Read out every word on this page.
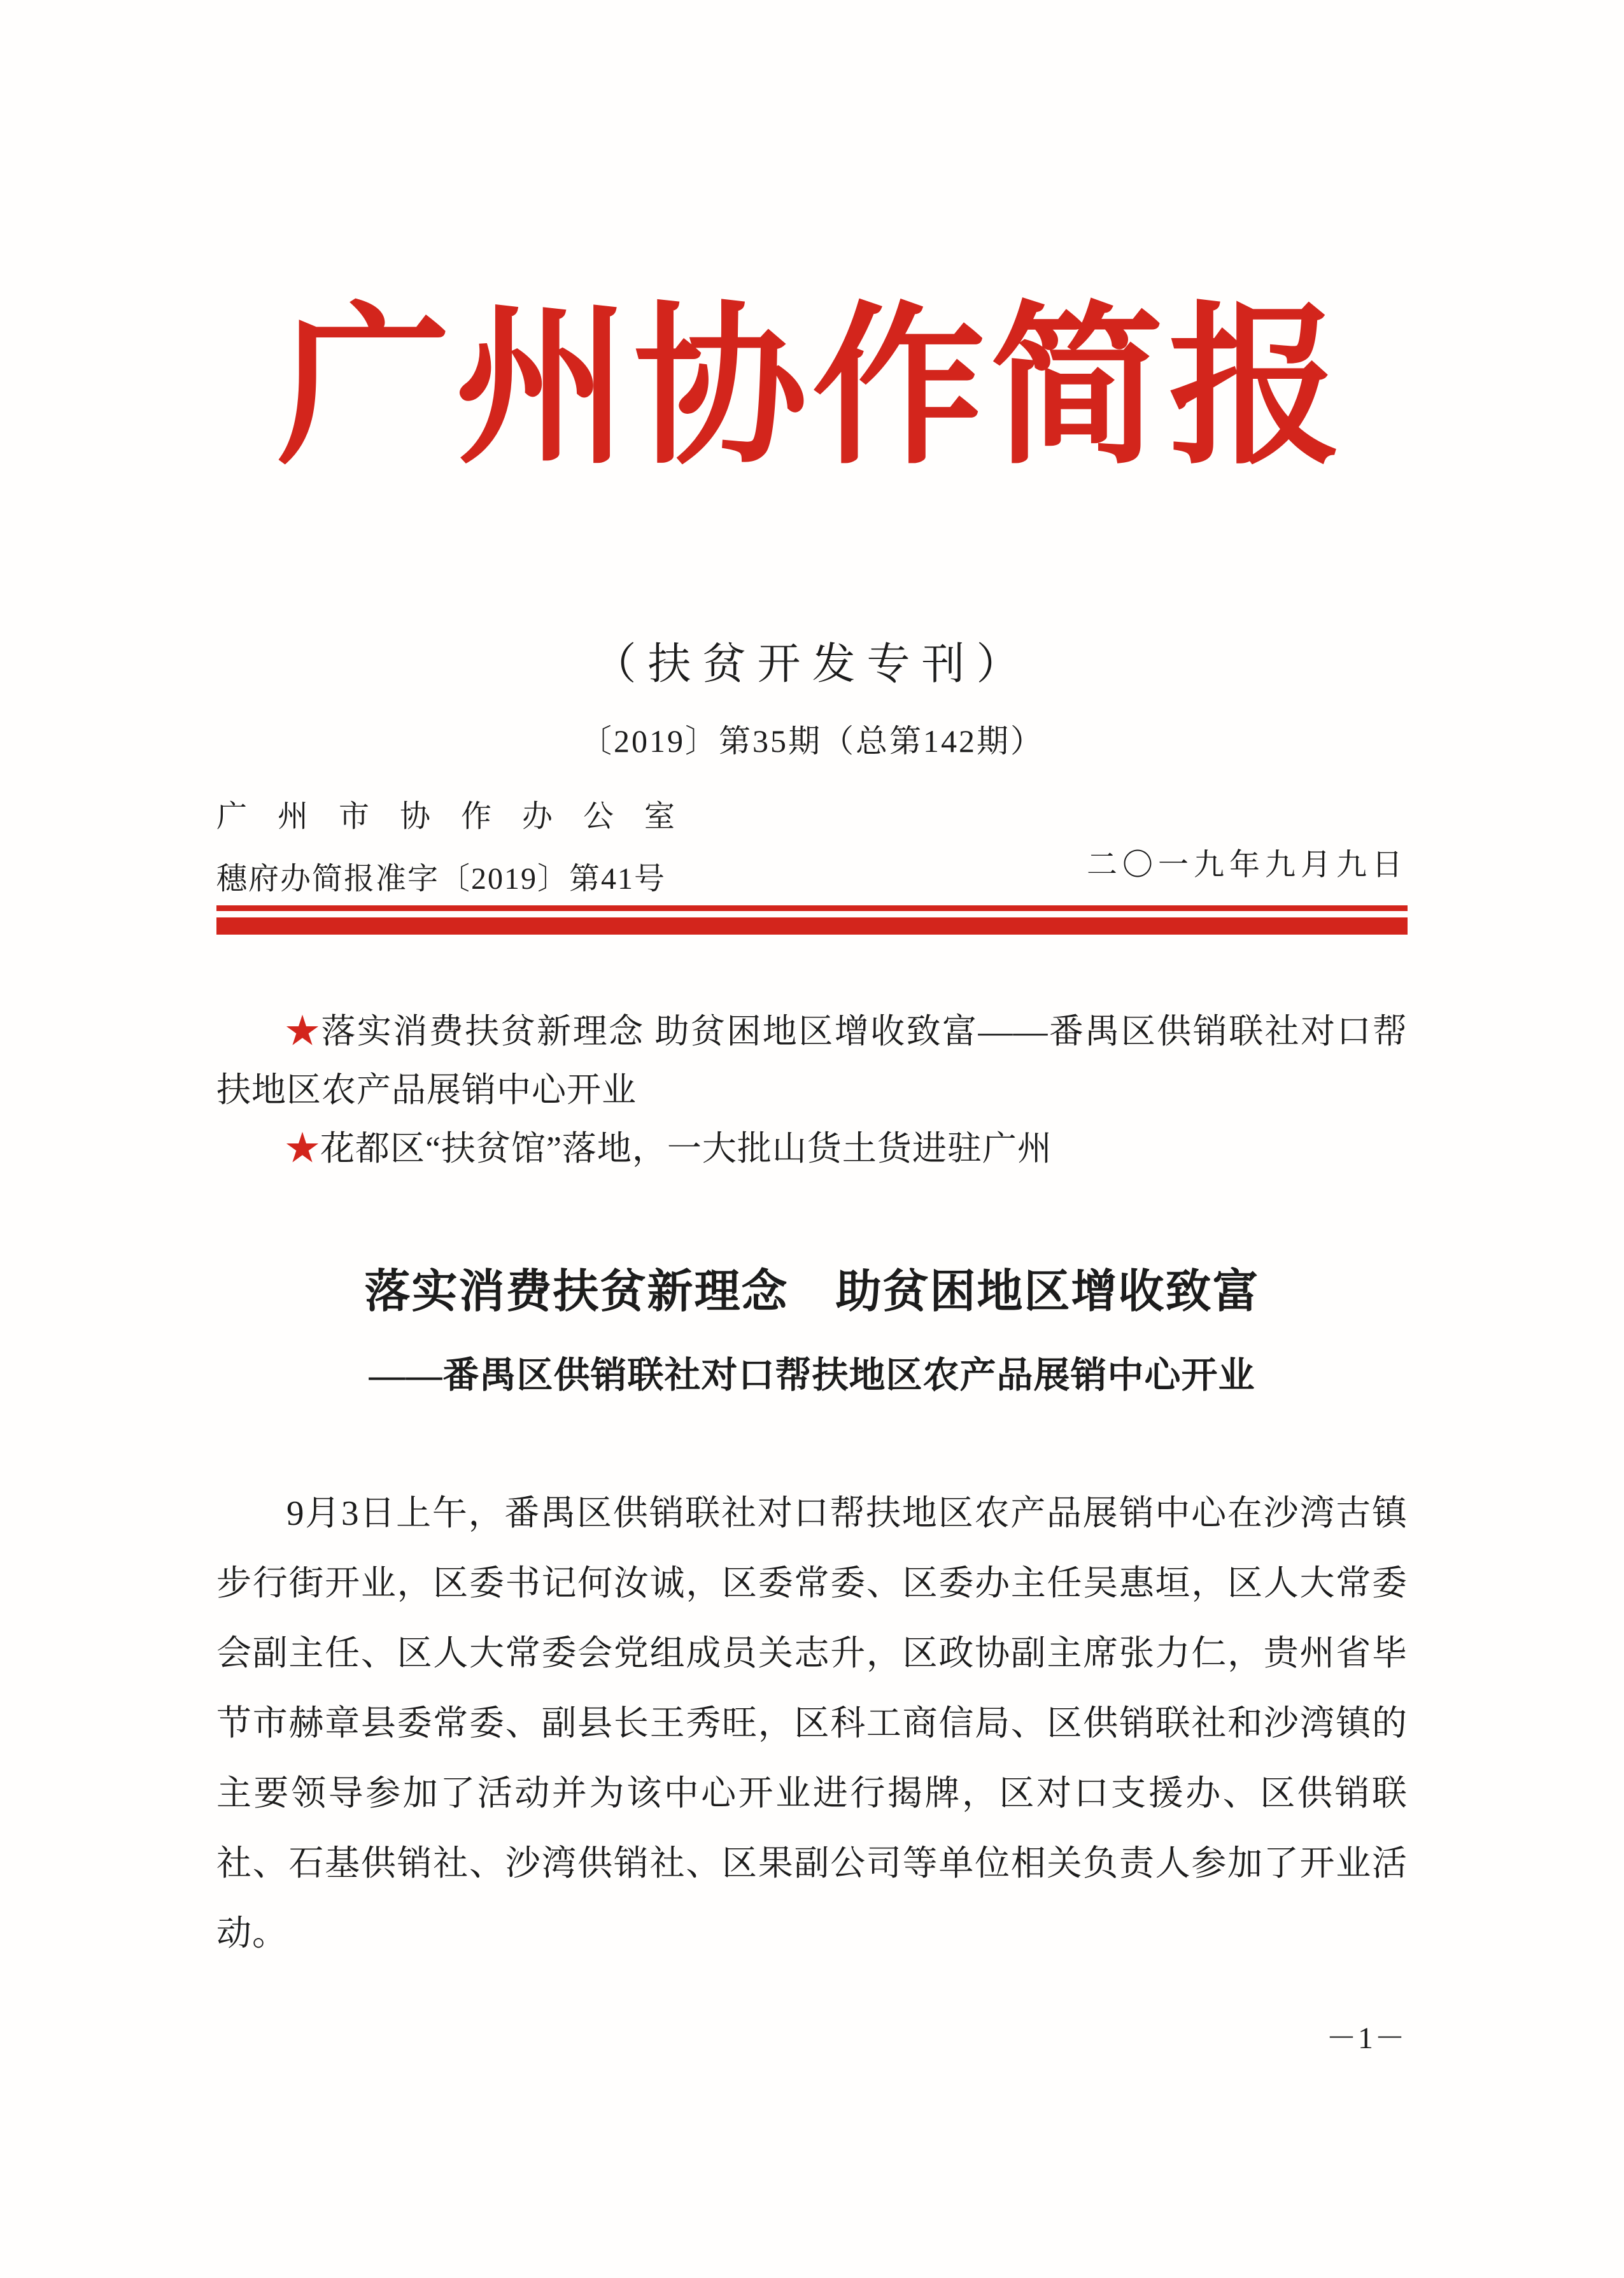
广州协作简报
（扶贫开发专刊）
〔2019〕第35期（总第142期）
广州市协作办公室
穗府办简报准字〔2019〕第41号	二〇一九年九月九日

★落实消费扶贫新理念 助贫困地区增收致富——番禺区供销联社对口帮扶地区农产品展销中心开业

★花都区“扶贫馆”落地，一大批山货土货进驻广州

落实消费扶贫新理念　助贫困地区增收致富
——番禺区供销联社对口帮扶地区农产品展销中心开业

9月3日上午，番禺区供销联社对口帮扶地区农产品展销中心在沙湾古镇步行街开业，区委书记何汝诚，区委常委、区委办主任吴惠垣，区人大常委会副主任、区人大常委会党组成员关志升，区政协副主席张力仁，贵州省毕节市赫章县委常委、副县长王秀旺，区科工商信局、区供销联社和沙湾镇的主要领导参加了活动并为该中心开业进行揭牌，区对口支援办、区供销联社、石基供销社、沙湾供销社、区果副公司等单位相关负责人参加了开业活动。

－1－
